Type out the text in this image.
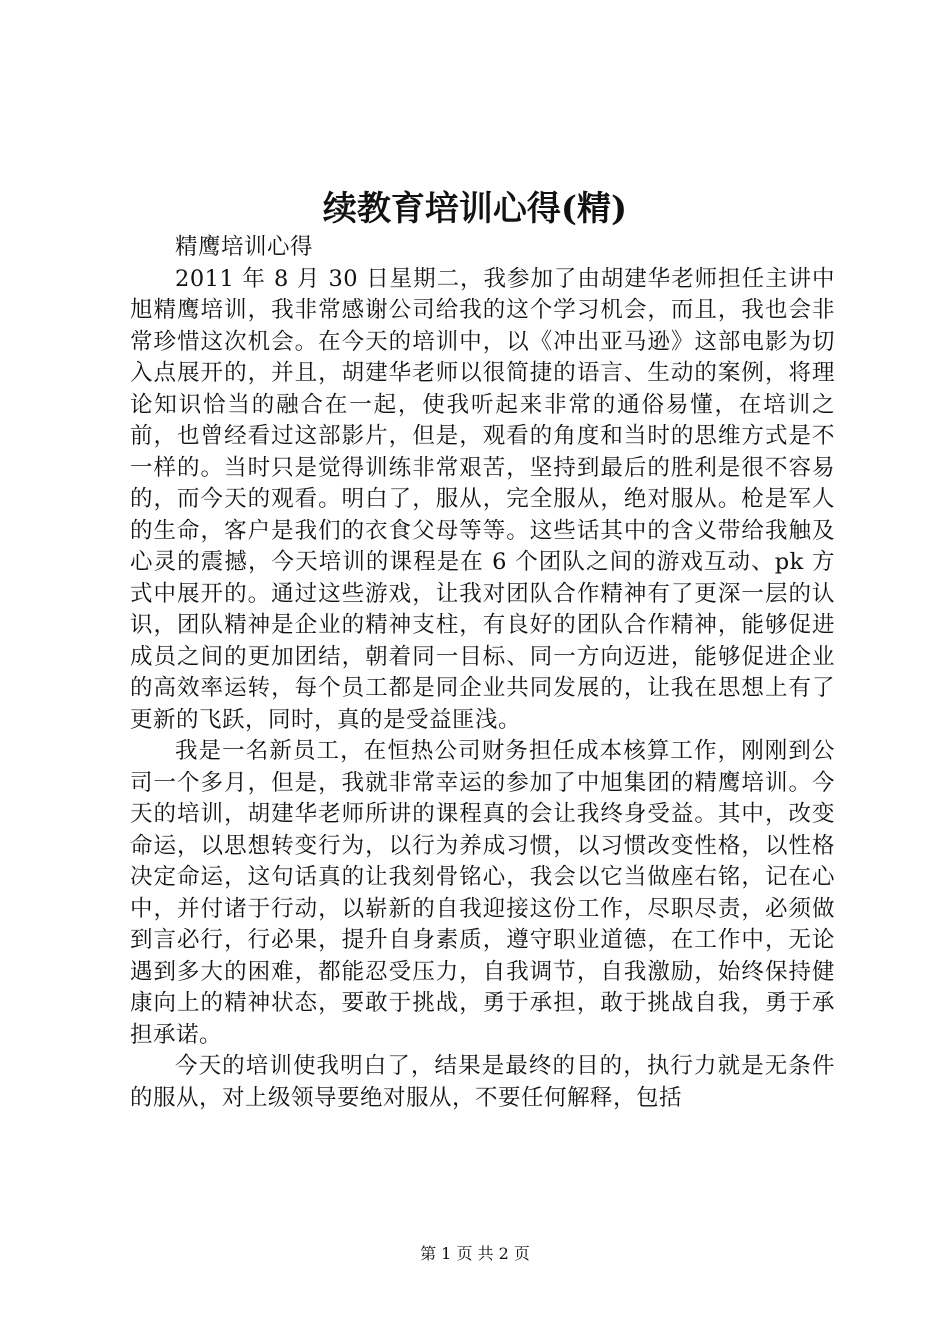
续教育培训心得(精)

精鹰培训心得

2011 年 8 月 30 日星期二，我参加了由胡建华老师担任主讲中旭精鹰培训，我非常感谢公司给我的这个学习机会，而且，我也会非常珍惜这次机会。在今天的培训中，以《冲出亚马逊》这部电影为切入点展开的，并且，胡建华老师以很简捷的语言、生动的案例，将理论知识恰当的融合在一起，使我听起来非常的通俗易懂，在培训之前，也曾经看过这部影片，但是，观看的角度和当时的思维方式是不一样的。当时只是觉得训练非常艰苦，坚持到最后的胜利是很不容易的，而今天的观看。明白了，服从，完全服从，绝对服从。枪是军人的生命，客户是我们的衣食父母等等。这些话其中的含义带给我触及心灵的震撼，今天培训的课程是在 6 个团队之间的游戏互动、pk 方式中展开的。通过这些游戏，让我对团队合作精神有了更深一层的认识，团队精神是企业的精神支柱，有良好的团队合作精神，能够促进成员之间的更加团结，朝着同一目标、同一方向迈进，能够促进企业的高效率运转，每个员工都是同企业共同发展的，让我在思想上有了更新的飞跃，同时，真的是受益匪浅。

我是一名新员工，在恒热公司财务担任成本核算工作，刚刚到公司一个多月，但是，我就非常幸运的参加了中旭集团的精鹰培训。今天的培训，胡建华老师所讲的课程真的会让我终身受益。其中，改变命运，以思想转变行为，以行为养成习惯，以习惯改变性格，以性格决定命运，这句话真的让我刻骨铭心，我会以它当做座右铭，记在心中，并付诸于行动，以崭新的自我迎接这份工作，尽职尽责，必须做到言必行，行必果，提升自身素质，遵守职业道德，在工作中，无论遇到多大的困难，都能忍受压力，自我调节，自我激励，始终保持健康向上的精神状态，要敢于挑战，勇于承担，敢于挑战自我，勇于承担承诺。

今天的培训使我明白了，结果是最终的目的，执行力就是无条件的服从，对上级领导要绝对服从，不要任何解释，包括

第 1 页 共 2 页
